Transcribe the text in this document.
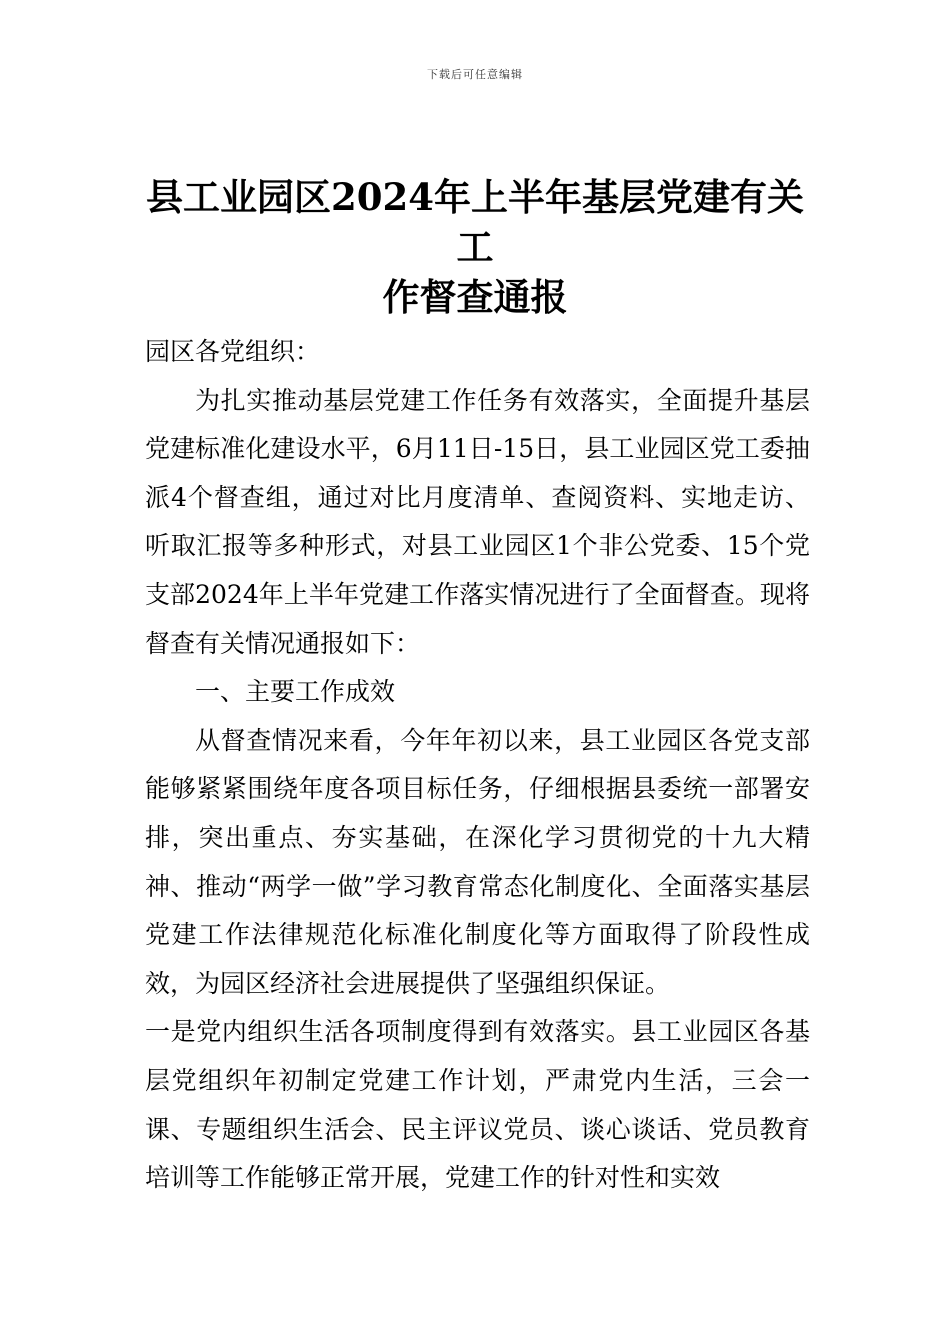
下载后可任意编辑
县工业园区2024年上半年基层党建有关工
作督查通报

园区各党组织：

为扎实推动基层党建工作任务有效落实，全面提升基层党建标准化建设水平，6月11日-15日，县工业园区党工委抽派4个督查组，通过对比月度清单、查阅资料、实地走访、听取汇报等多种形式，对县工业园区1个非公党委、15个党支部2024年上半年党建工作落实情况进行了全面督查。现将督查有关情况通报如下：

一、主要工作成效

从督查情况来看，今年年初以来，县工业园区各党支部能够紧紧围绕年度各项目标任务，仔细根据县委统一部署安排，突出重点、夯实基础，在深化学习贯彻党的十九大精神、推动“两学一做”学习教育常态化制度化、全面落实基层党建工作法律规范化标准化制度化等方面取得了阶段性成效，为园区经济社会进展提供了坚强组织保证。

一是党内组织生活各项制度得到有效落实。县工业园区各基层党组织年初制定党建工作计划，严肃党内生活，三会一课、专题组织生活会、民主评议党员、谈心谈话、党员教育培训等工作能够正常开展，党建工作的针对性和实效
